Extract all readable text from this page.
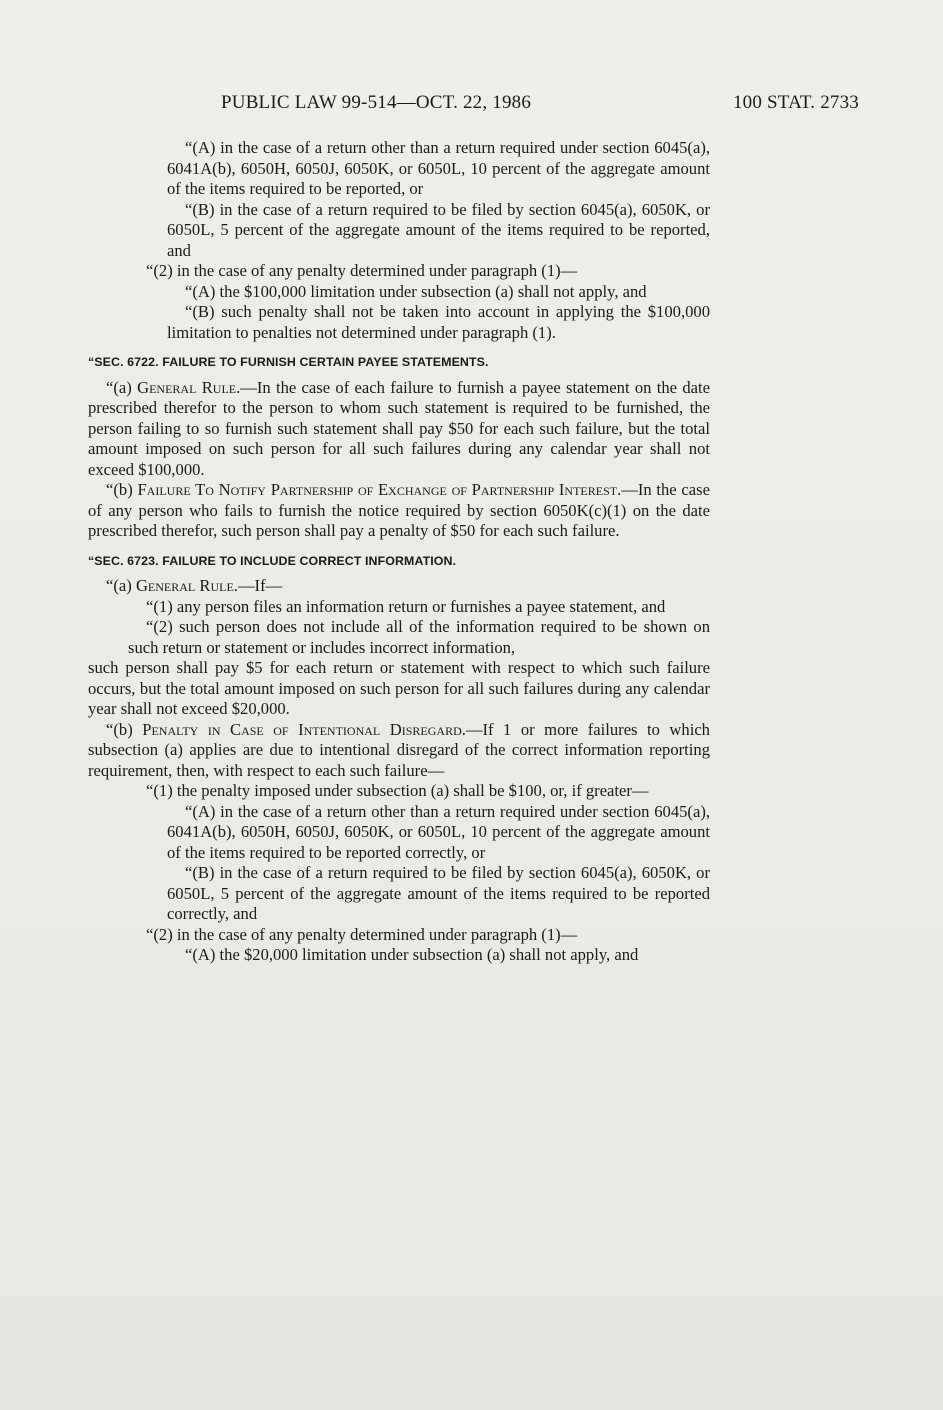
PUBLIC LAW 99-514—OCT. 22, 1986	100 STAT. 2733

“(A) in the case of a return other than a return required under section 6045(a), 6041A(b), 6050H, 6050J, 6050K, or 6050L, 10 percent of the aggregate amount of the items required to be reported, or

“(B) in the case of a return required to be filed by section 6045(a), 6050K, or 6050L, 5 percent of the aggregate amount of the items required to be reported, and

“(2) in the case of any penalty determined under paragraph (1)—

“(A) the $100,000 limitation under subsection (a) shall not apply, and

“(B) such penalty shall not be taken into account in applying the $100,000 limitation to penalties not determined under paragraph (1).

“SEC. 6722. FAILURE TO FURNISH CERTAIN PAYEE STATEMENTS.

“(a) General Rule.—In the case of each failure to furnish a payee statement on the date prescribed therefor to the person to whom such statement is required to be furnished, the person failing to so furnish such statement shall pay $50 for each such failure, but the total amount imposed on such person for all such failures during any calendar year shall not exceed $100,000.

“(b) Failure To Notify Partnership of Exchange of Partnership Interest.—In the case of any person who fails to furnish the notice required by section 6050K(c)(1) on the date prescribed therefor, such person shall pay a penalty of $50 for each such failure.

“SEC. 6723. FAILURE TO INCLUDE CORRECT INFORMATION.

“(a) General Rule.—If—

“(1) any person files an information return or furnishes a payee statement, and

“(2) such person does not include all of the information required to be shown on such return or statement or includes incorrect information,

such person shall pay $5 for each return or statement with respect to which such failure occurs, but the total amount imposed on such person for all such failures during any calendar year shall not exceed $20,000.

“(b) Penalty in Case of Intentional Disregard.—If 1 or more failures to which subsection (a) applies are due to intentional disregard of the correct information reporting requirement, then, with respect to each such failure—

“(1) the penalty imposed under subsection (a) shall be $100, or, if greater—

“(A) in the case of a return other than a return required under section 6045(a), 6041A(b), 6050H, 6050J, 6050K, or 6050L, 10 percent of the aggregate amount of the items required to be reported correctly, or

“(B) in the case of a return required to be filed by section 6045(a), 6050K, or 6050L, 5 percent of the aggregate amount of the items required to be reported correctly, and

“(2) in the case of any penalty determined under paragraph (1)—

“(A) the $20,000 limitation under subsection (a) shall not apply, and
